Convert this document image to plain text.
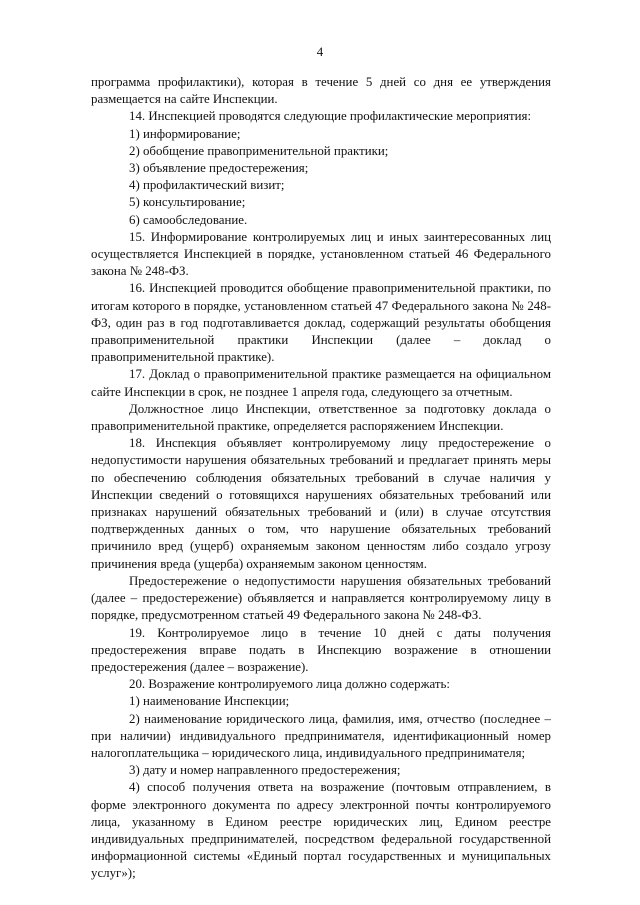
4

программа профилактики), которая в течение 5 дней со дня ее утверждения размещается на сайте Инспекции.

14. Инспекцией проводятся следующие профилактические мероприятия:

1) информирование;

2) обобщение правоприменительной практики;

3) объявление предостережения;

4) профилактический визит;

5) консультирование;

6) самообследование.

15. Информирование контролируемых лиц и иных заинтересованных лиц осуществляется Инспекцией в порядке, установленном статьей 46 Федерального закона № 248-ФЗ.

16. Инспекцией проводится обобщение правоприменительной практики, по итогам которого в порядке, установленном статьей 47 Федерального закона № 248-ФЗ, один раз в год подготавливается доклад, содержащий результаты обобщения правоприменительной практики Инспекции (далее – доклад о правоприменительной практике).

17. Доклад о правоприменительной практике размещается на официальном сайте Инспекции в срок, не позднее 1 апреля года, следующего за отчетным.

Должностное лицо Инспекции, ответственное за подготовку доклада о правоприменительной практике, определяется распоряжением Инспекции.

18. Инспекция объявляет контролируемому лицу предостережение о недопустимости нарушения обязательных требований и предлагает принять меры по обеспечению соблюдения обязательных требований в случае наличия у Инспекции сведений о готовящихся нарушениях обязательных требований или признаках нарушений обязательных требований и (или) в случае отсутствия подтвержденных данных о том, что нарушение обязательных требований причинило вред (ущерб) охраняемым законом ценностям либо создало угрозу причинения вреда (ущерба) охраняемым законом ценностям.

Предостережение о недопустимости нарушения обязательных требований (далее – предостережение) объявляется и направляется контролируемому лицу в порядке, предусмотренном статьей 49 Федерального закона № 248-ФЗ.

19. Контролируемое лицо в течение 10 дней с даты получения предостережения вправе подать в Инспекцию возражение в отношении предостережения (далее – возражение).

20. Возражение контролируемого лица должно содержать:

1) наименование Инспекции;

2) наименование юридического лица, фамилия, имя, отчество (последнее – при наличии) индивидуального предпринимателя, идентификационный номер налогоплательщика – юридического лица, индивидуального предпринимателя;

3) дату и номер направленного предостережения;

4) способ получения ответа на возражение (почтовым отправлением, в форме электронного документа по адресу электронной почты контролируемого лица, указанному в Едином реестре юридических лиц, Едином реестре индивидуальных предпринимателей, посредством федеральной государственной информационной системы «Единый портал государственных и муниципальных услуг»);
